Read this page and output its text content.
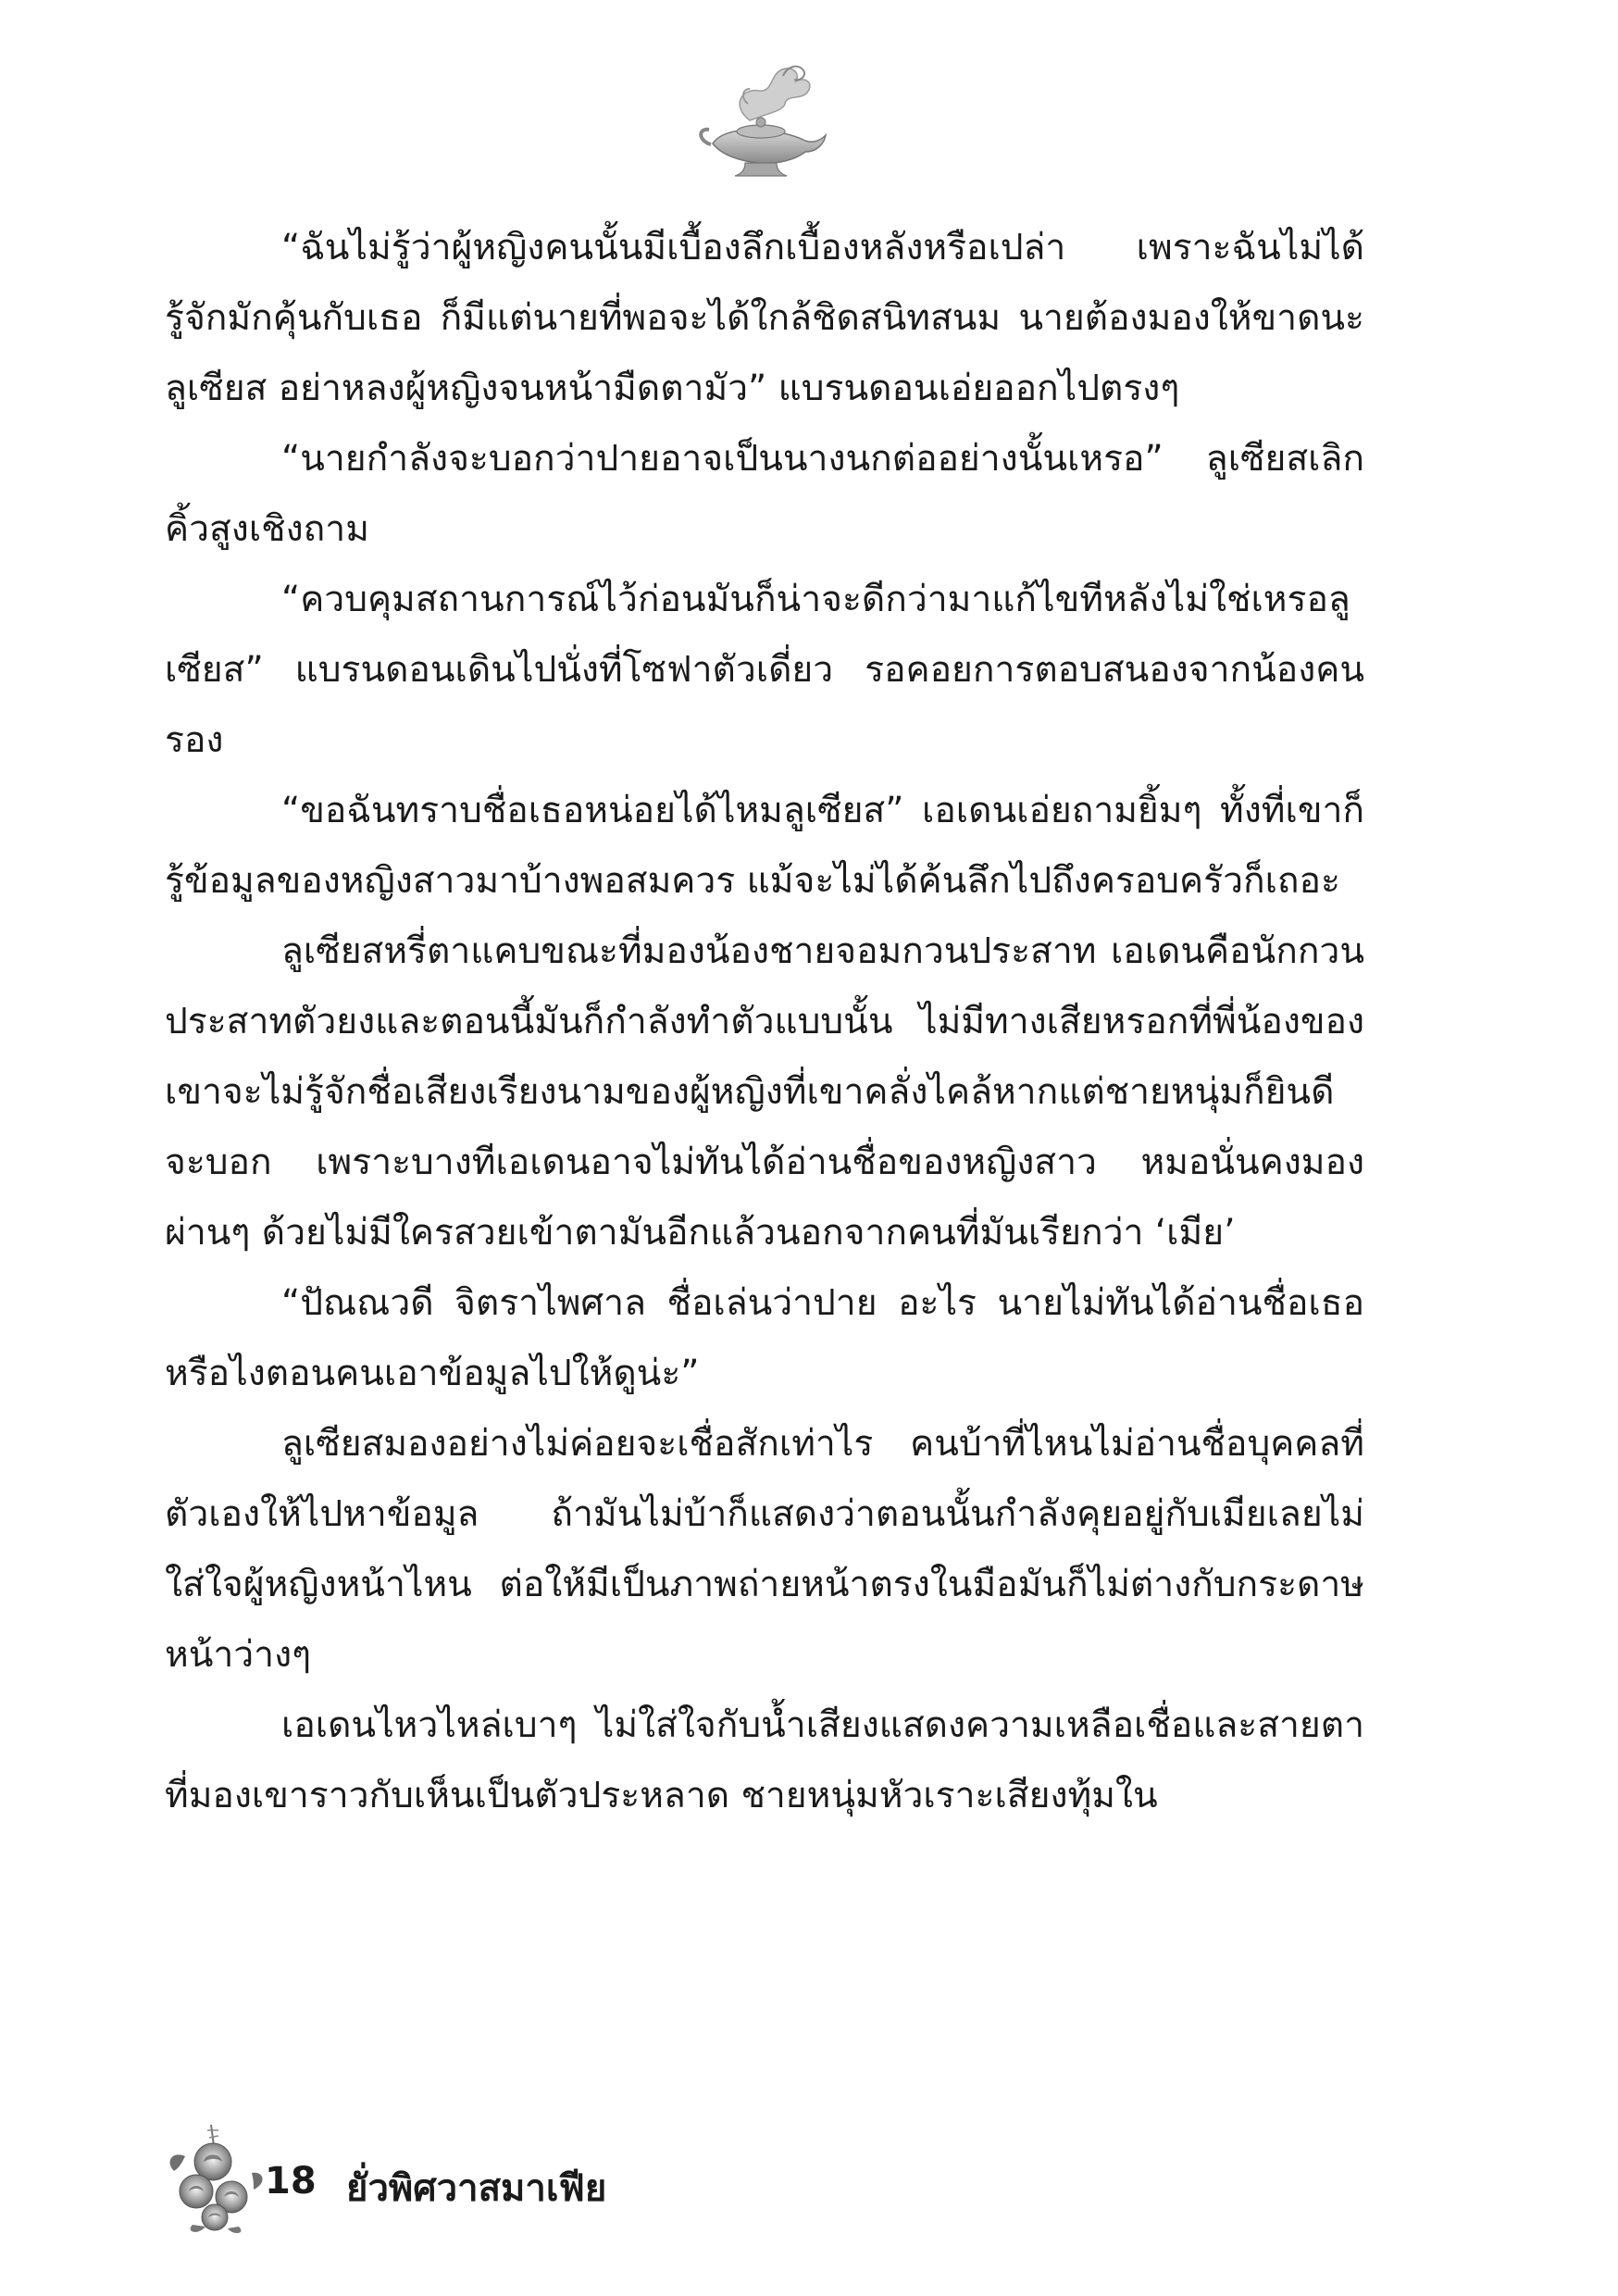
“ฉันไม่รู้ว่าผู้หญิงคนนั้นมีเบื้องลึกเบื้องหลังหรือเปล่า เพราะฉันไม่ได้รู้จักมักคุ้นกับเธอ ก็มีแต่นายที่พอจะได้ใกล้ชิดสนิทสนม นายต้องมองให้ขาดนะลูเซียส อย่าหลงผู้หญิงจนหน้ามืดตามัว” แบรนดอนเอ่ยออกไปตรงๆ

“นายกำลังจะบอกว่าปายอาจเป็นนางนกต่ออย่างนั้นเหรอ” ลูเซียสเลิกคิ้วสูงเชิงถาม

“ควบคุมสถานการณ์ไว้ก่อนมันก็น่าจะดีกว่ามาแก้ไขทีหลังไม่ใช่เหรอลูเซียส” แบรนดอนเดินไปนั่งที่โซฟาตัวเดี่ยว รอคอยการตอบสนองจากน้องคนรอง

“ขอฉันทราบชื่อเธอหน่อยได้ไหมลูเซียส” เอเดนเอ่ยถามยิ้มๆ ทั้งที่เขาก็รู้ข้อมูลของหญิงสาวมาบ้างพอสมควร แม้จะไม่ได้ค้นลึกไปถึงครอบครัวก็เถอะ

ลูเซียสหรี่ตาแคบขณะที่มองน้องชายจอมกวนประสาท เอเดนคือนักกวนประสาทตัวยงและตอนนี้มันก็กำลังทำตัวแบบนั้น ไม่มีทางเสียหรอกที่พี่น้องของเขาจะไม่รู้จักชื่อเสียงเรียงนามของผู้หญิงที่เขาคลั่งไคล้หากแต่ชายหนุ่มก็ยินดีจะบอก เพราะบางทีเอเดนอาจไม่ทันได้อ่านชื่อของหญิงสาว หมอนั่นคงมองผ่านๆ ด้วยไม่มีใครสวยเข้าตามันอีกแล้วนอกจากคนที่มันเรียกว่า ‘เมีย’

“ปัณณวดี จิตราไพศาล ชื่อเล่นว่าปาย อะไร นายไม่ทันได้อ่านชื่อเธอหรือไงตอนคนเอาข้อมูลไปให้ดูน่ะ”

ลูเซียสมองอย่างไม่ค่อยจะเชื่อสักเท่าไร คนบ้าที่ไหนไม่อ่านชื่อบุคคลที่ตัวเองให้ไปหาข้อมูล ถ้ามันไม่บ้าก็แสดงว่าตอนนั้นกำลังคุยอยู่กับเมียเลยไม่ใส่ใจผู้หญิงหน้าไหน ต่อให้มีเป็นภาพถ่ายหน้าตรงในมือมันก็ไม่ต่างกับกระดาษหน้าว่างๆ

เอเดนไหวไหล่เบาๆ ไม่ใส่ใจกับน้ำเสียงแสดงความเหลือเชื่อและสายตาที่มองเขาราวกับเห็นเป็นตัวประหลาด ชายหนุ่มหัวเราะเสียงทุ้มใน

18 ยั่วพิศวาสมาเฟีย
